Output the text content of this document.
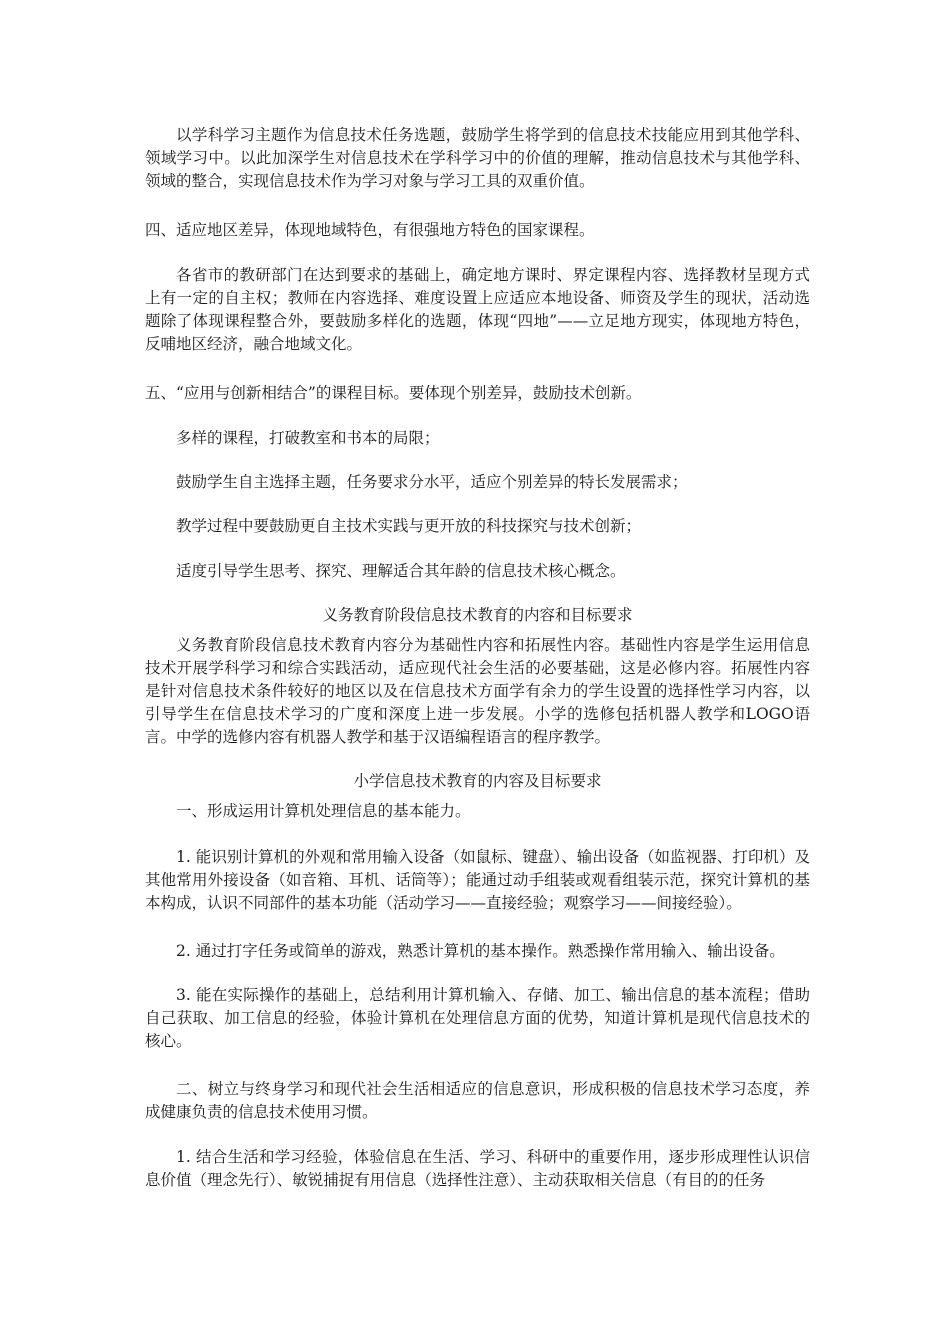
以学科学习主题作为信息技术任务选题，鼓励学生将学到的信息技术技能应用到其他学科、领域学习中。以此加深学生对信息技术在学科学习中的价值的理解，推动信息技术与其他学科、领域的整合，实现信息技术作为学习对象与学习工具的双重价值。

四、适应地区差异，体现地域特色，有很强地方特色的国家课程。

各省市的教研部门在达到要求的基础上，确定地方课时、界定课程内容、选择教材呈现方式上有一定的自主权；教师在内容选择、难度设置上应适应本地设备、师资及学生的现状，活动选题除了体现课程整合外，要鼓励多样化的选题，体现“四地”——立足地方现实，体现地方特色，反哺地区经济，融合地域文化。

五、“应用与创新相结合”的课程目标。要体现个别差异，鼓励技术创新。

多样的课程，打破教室和书本的局限；

鼓励学生自主选择主题，任务要求分水平，适应个别差异的特长发展需求；

教学过程中要鼓励更自主技术实践与更开放的科技探究与技术创新；

适度引导学生思考、探究、理解适合其年龄的信息技术核心概念。

义务教育阶段信息技术教育的内容和目标要求

义务教育阶段信息技术教育内容分为基础性内容和拓展性内容。基础性内容是学生运用信息技术开展学科学习和综合实践活动，适应现代社会生活的必要基础，这是必修内容。拓展性内容是针对信息技术条件较好的地区以及在信息技术方面学有余力的学生设置的选择性学习内容，以引导学生在信息技术学习的广度和深度上进一步发展。小学的选修包括机器人教学和LOGO语言。中学的选修内容有机器人教学和基于汉语编程语言的程序教学。

小学信息技术教育的内容及目标要求

一、形成运用计算机处理信息的基本能力。

1. 能识别计算机的外观和常用输入设备（如鼠标、键盘）、输出设备（如监视器、打印机）及其他常用外接设备（如音箱、耳机、话筒等）；能通过动手组装或观看组装示范，探究计算机的基本构成，认识不同部件的基本功能（活动学习——直接经验；观察学习——间接经验）。

2. 通过打字任务或简单的游戏，熟悉计算机的基本操作。熟悉操作常用输入、输出设备。

3. 能在实际操作的基础上，总结利用计算机输入、存储、加工、输出信息的基本流程；借助自己获取、加工信息的经验，体验计算机在处理信息方面的优势，知道计算机是现代信息技术的核心。

二、树立与终身学习和现代社会生活相适应的信息意识，形成积极的信息技术学习态度，养成健康负责的信息技术使用习惯。

1. 结合生活和学习经验，体验信息在生活、学习、科研中的重要作用，逐步形成理性认识信息价值（理念先行）、敏锐捕捉有用信息（选择性注意）、主动获取相关信息（有目的的任务
